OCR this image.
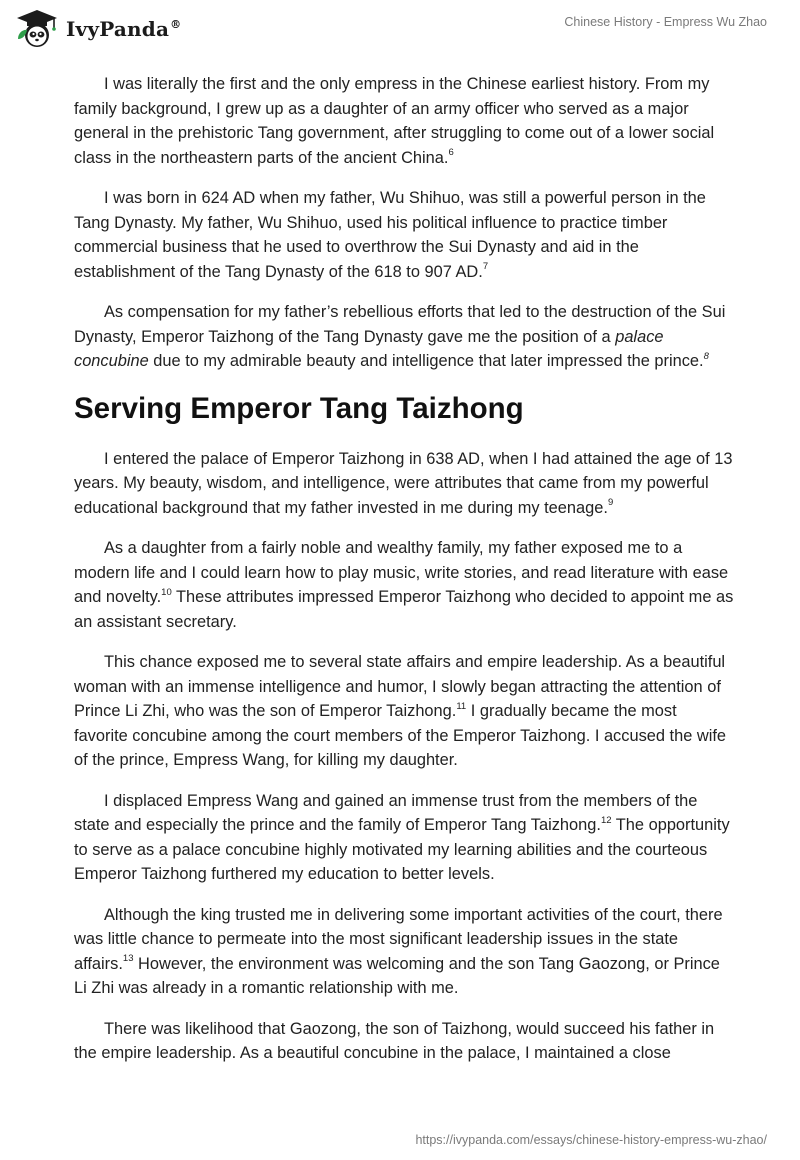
IvyPanda®	Chinese History - Empress Wu Zhao

I was literally the first and the only empress in the Chinese earliest history. From my family background, I grew up as a daughter of an army officer who served as a major general in the prehistoric Tang government, after struggling to come out of a lower social class in the northeastern parts of the ancient China.$^6$

I was born in 624 AD when my father, Wu Shihuo, was still a powerful person in the Tang Dynasty. My father, Wu Shihuo, used his political influence to practice timber commercial business that he used to overthrow the Sui Dynasty and aid in the establishment of the Tang Dynasty of the 618 to 907 AD.$^7$

As compensation for my father’s rebellious efforts that led to the destruction of the Sui Dynasty, Emperor Taizhong of the Tang Dynasty gave me the position of a palace concubine due to my admirable beauty and intelligence that later impressed the prince.$^8$

Serving Emperor Tang Taizhong

I entered the palace of Emperor Taizhong in 638 AD, when I had attained the age of 13 years. My beauty, wisdom, and intelligence, were attributes that came from my powerful educational background that my father invested in me during my teenage.$^9$

As a daughter from a fairly noble and wealthy family, my father exposed me to a modern life and I could learn how to play music, write stories, and read literature with ease and novelty.$^{10}$ These attributes impressed Emperor Taizhong who decided to appoint me as an assistant secretary.

This chance exposed me to several state affairs and empire leadership. As a beautiful woman with an immense intelligence and humor, I slowly began attracting the attention of Prince Li Zhi, who was the son of Emperor Taizhong.$^{11}$ I gradually became the most favorite concubine among the court members of the Emperor Taizhong. I accused the wife of the prince, Empress Wang, for killing my daughter.

I displaced Empress Wang and gained an immense trust from the members of the state and especially the prince and the family of Emperor Tang Taizhong.$^{12}$ The opportunity to serve as a palace concubine highly motivated my learning abilities and the courteous Emperor Taizhong furthered my education to better levels.

Although the king trusted me in delivering some important activities of the court, there was little chance to permeate into the most significant leadership issues in the state affairs.$^{13}$ However, the environment was welcoming and the son Tang Gaozong, or Prince Li Zhi was already in a romantic relationship with me.

There was likelihood that Gaozong, the son of Taizhong, would succeed his father in the empire leadership. As a beautiful concubine in the palace, I maintained a close

https://ivypanda.com/essays/chinese-history-empress-wu-zhao/
